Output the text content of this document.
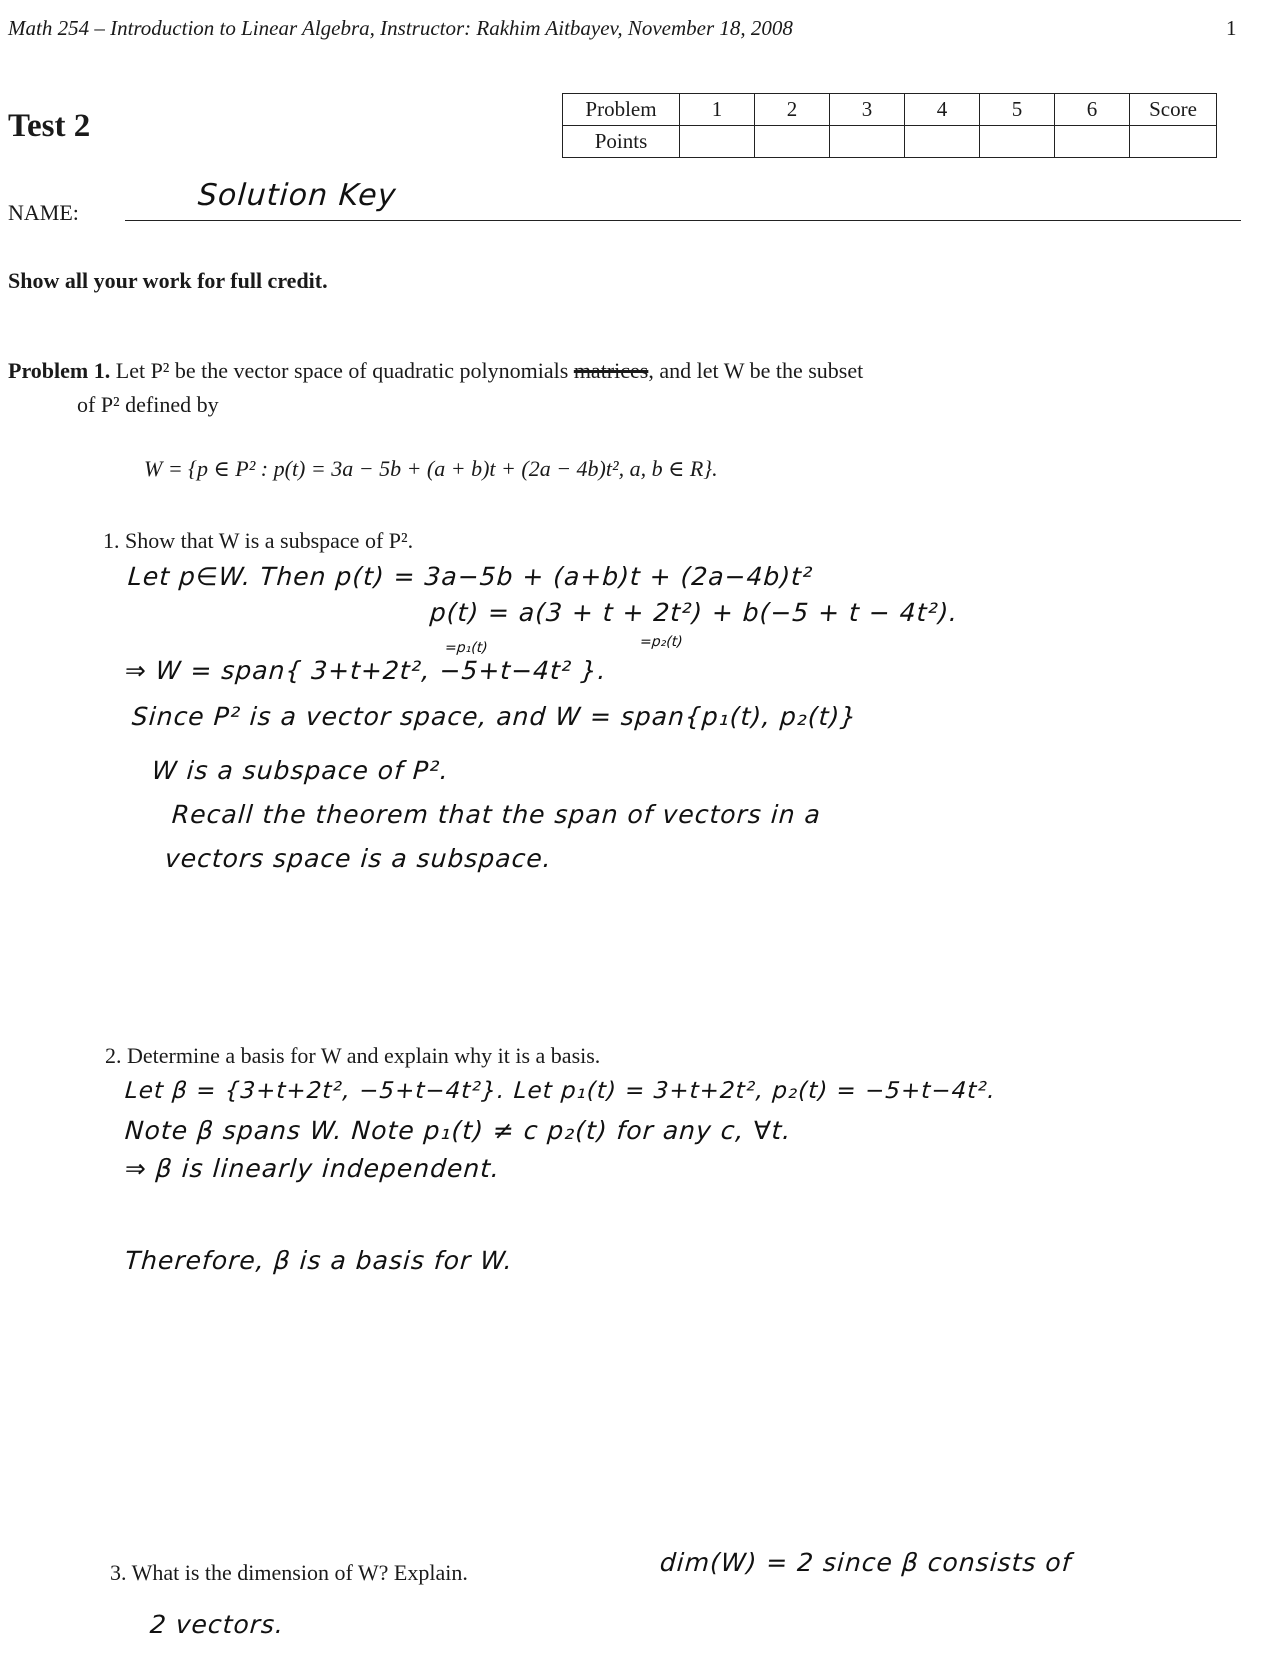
Math 254 – Introduction to Linear Algebra, Instructor: Rakhim Aitbayev, November 18, 2008	1
Test 2	Problem	1	2	3	4	5	6	Score
Points							
NAME:	Solution Key
Show all your work for full credit.
Problem 1. Let P² be the vector space of quadratic polynomials matrices, and let W be the subset
of P² defined by
W = {p ∈ P² : p(t) = 3a − 5b + (a + b)t + (2a − 4b)t², a, b ∈ R}.
1. Show that W is a subspace of P².
Let p∈W. Then p(t) = 3a−5b + (a+b)t + (2a−4b)t²
p(t) = a(3 + t + 2t²) + b(−5 + t − 4t²).
=p₁(t)	=p₂(t)
⇒ W = span{ 3+t+2t², −5+t−4t² }.
Since P² is a vector space, and W = span{p₁(t), p₂(t)}
W is a subspace of P².
Recall the theorem that the span of vectors in a
vectors space is a subspace.
2. Determine a basis for W and explain why it is a basis.
Let β = {3+t+2t², −5+t−4t²}. Let p₁(t) = 3+t+2t², p₂(t) = −5+t−4t².
Note β spans W. Note p₁(t) ≠ c p₂(t) for any c, ∀t.
⇒ β is linearly independent.
Therefore, β is a basis for W.
3. What is the dimension of W? Explain.	dim(W) = 2 since β consists of
2 vectors.
